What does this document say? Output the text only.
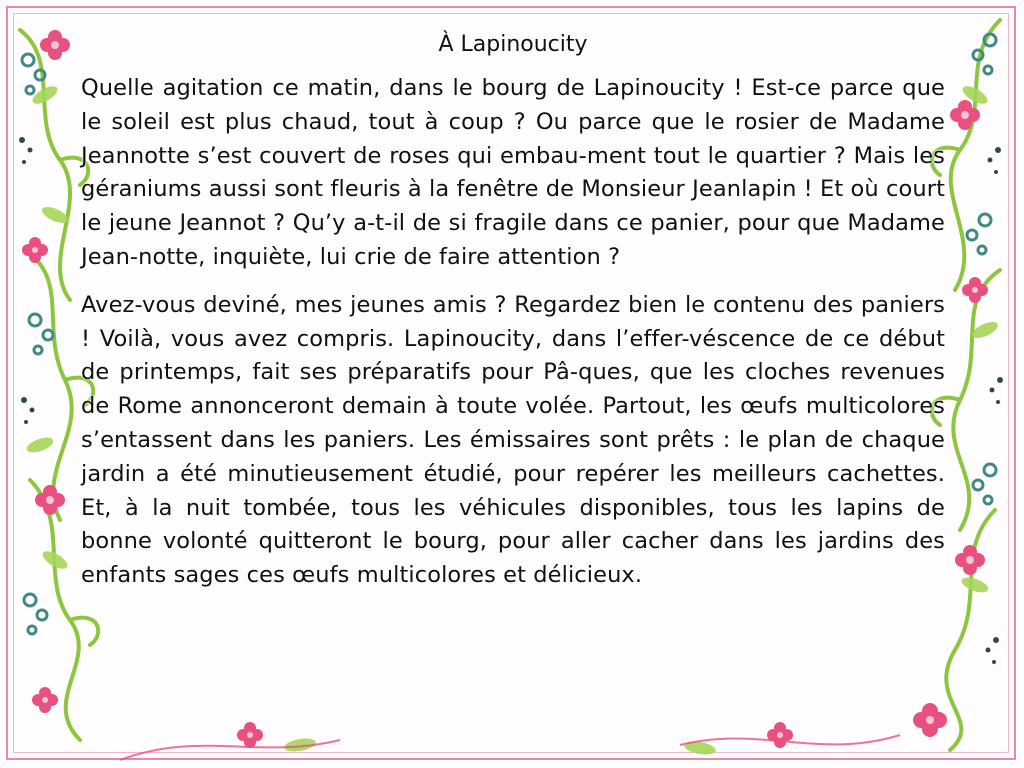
À Lapinoucity

Quelle agitation ce matin, dans le bourg de Lapinoucity ! Est-ce parce que le soleil est plus chaud, tout à coup ? Ou parce que le rosier de Madame Jeannotte s’est couvert de roses qui embau-ment tout le quartier ? Mais les géraniums aussi sont fleuris à la fenêtre de Monsieur Jeanlapin ! Et où court le jeune Jeannot ? Qu’y a-t-il de si fragile dans ce panier, pour que Madame Jean-notte, inquiète, lui crie de faire attention ?

Avez-vous deviné, mes jeunes amis ? Regardez bien le contenu des paniers ! Voilà, vous avez compris. Lapinoucity, dans l’effer-véscence de ce début de printemps, fait ses préparatifs pour Pâ-ques, que les cloches revenues de Rome annonceront demain à toute volée. Partout, les œufs multicolores s’entassent dans les paniers. Les émissaires sont prêts : le plan de chaque jardin a été minutieusement étudié, pour repérer les meilleurs cachettes. Et, à la nuit tombée, tous les véhicules disponibles, tous les lapins de bonne volonté quitteront le bourg, pour aller cacher dans les jardins des enfants sages ces œufs multicolores et délicieux.
